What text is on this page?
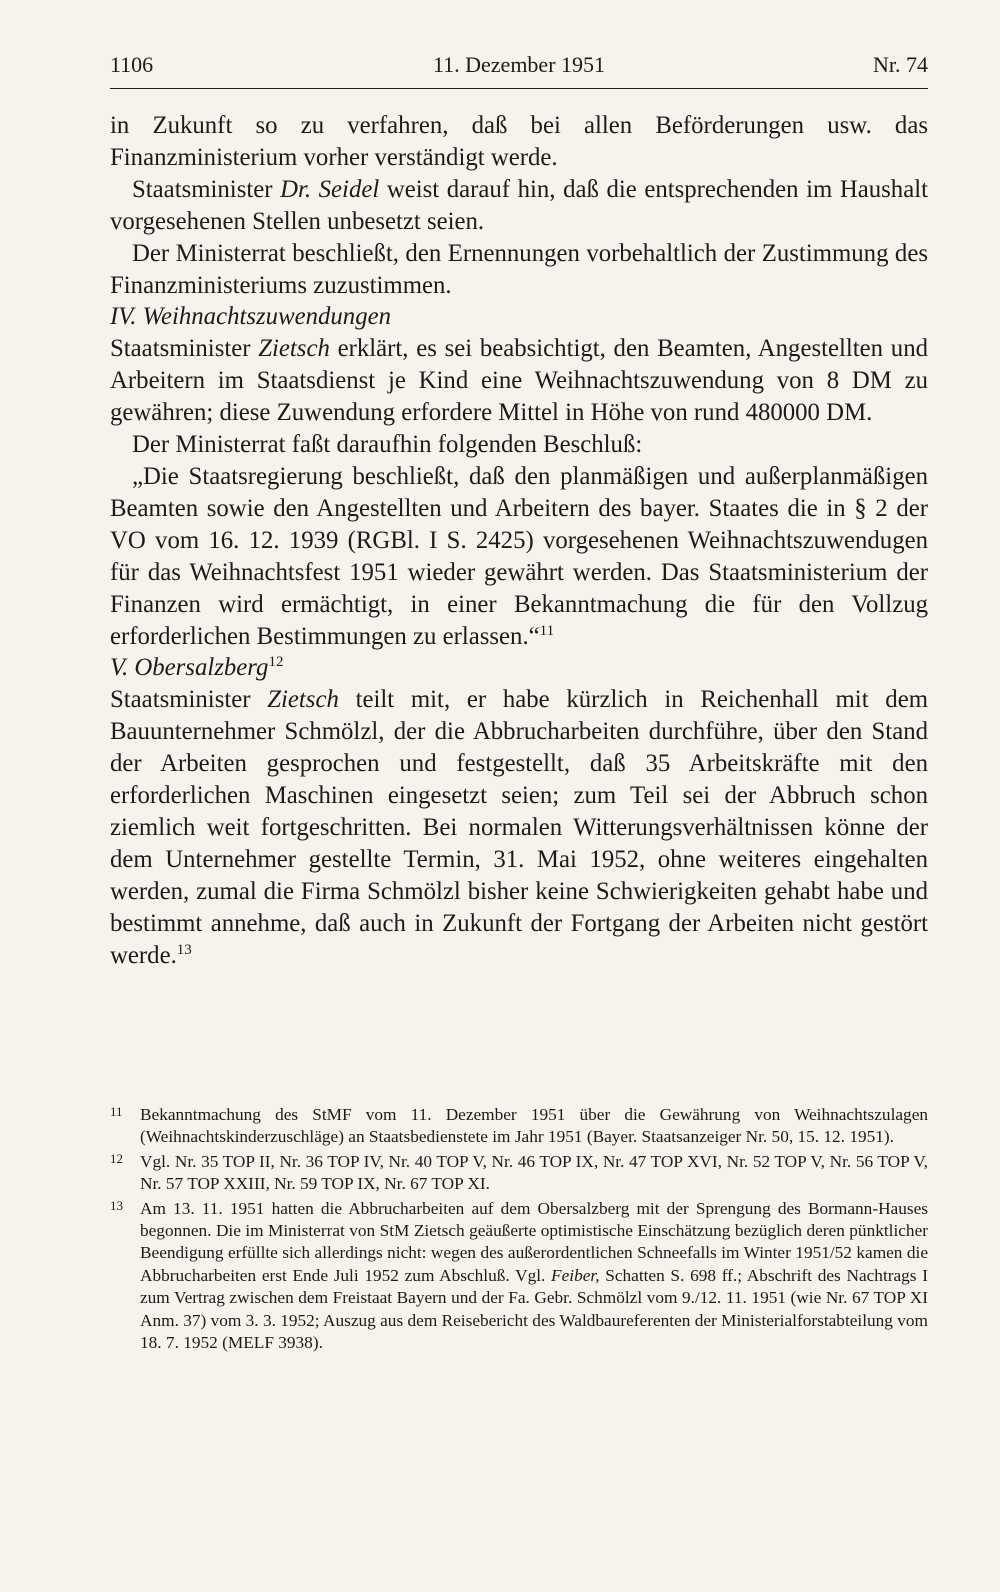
1106	11. Dezember 1951	Nr. 74

in Zukunft so zu verfahren, daß bei allen Beförderungen usw. das Finanzministerium vorher verständigt werde.

Staatsminister Dr. Seidel weist darauf hin, daß die entsprechenden im Haushalt vorgesehenen Stellen unbesetzt seien.

Der Ministerrat beschließt, den Ernennungen vorbehaltlich der Zustimmung des Finanzministeriums zuzustimmen.

IV. Weihnachtszuwendungen

Staatsminister Zietsch erklärt, es sei beabsichtigt, den Beamten, Angestellten und Arbeitern im Staatsdienst je Kind eine Weihnachtszuwendung von 8 DM zu gewähren; diese Zuwendung erfordere Mittel in Höhe von rund 480000 DM.

Der Ministerrat faßt daraufhin folgenden Beschluß:

„Die Staatsregierung beschließt, daß den planmäßigen und außerplanmäßigen Beamten sowie den Angestellten und Arbeitern des bayer. Staates die in § 2 der VO vom 16. 12. 1939 (RGBl. I S. 2425) vorgesehenen Weihnachtszuwendugen für das Weihnachtsfest 1951 wieder gewährt werden. Das Staatsministerium der Finanzen wird ermächtigt, in einer Bekanntmachung die für den Vollzug erforderlichen Bestimmungen zu erlassen.“$^{11}$

V. Obersalzberg$^{12}$

Staatsminister Zietsch teilt mit, er habe kürzlich in Reichenhall mit dem Bauunternehmer Schmölzl, der die Abbrucharbeiten durchführe, über den Stand der Arbeiten gesprochen und festgestellt, daß 35 Arbeitskräfte mit den erforderlichen Maschinen eingesetzt seien; zum Teil sei der Abbruch schon ziemlich weit fortgeschritten. Bei normalen Witterungsverhältnissen könne der dem Unternehmer gestellte Termin, 31. Mai 1952, ohne weiteres eingehalten werden, zumal die Firma Schmölzl bisher keine Schwierigkeiten gehabt habe und bestimmt annehme, daß auch in Zukunft der Fortgang der Arbeiten nicht gestört werde.$^{13}$

11 Bekanntmachung des StMF vom 11. Dezember 1951 über die Gewährung von Weihnachtszulagen (Weihnachtskinderzuschläge) an Staatsbedienstete im Jahr 1951 (Bayer. Staatsanzeiger Nr. 50, 15. 12. 1951).

12 Vgl. Nr. 35 TOP II, Nr. 36 TOP IV, Nr. 40 TOP V, Nr. 46 TOP IX, Nr. 47 TOP XVI, Nr. 52 TOP V, Nr. 56 TOP V, Nr. 57 TOP XXIII, Nr. 59 TOP IX, Nr. 67 TOP XI.

13 Am 13. 11. 1951 hatten die Abbrucharbeiten auf dem Obersalzberg mit der Sprengung des Bormann-Hauses begonnen. Die im Ministerrat von StM Zietsch geäußerte optimistische Einschätzung bezüglich deren pünktlicher Beendigung erfüllte sich allerdings nicht: wegen des außerordentlichen Schneefalls im Winter 1951/52 kamen die Abbrucharbeiten erst Ende Juli 1952 zum Abschluß. Vgl. Feiber, Schatten S. 698 ff.; Abschrift des Nachtrags I zum Vertrag zwischen dem Freistaat Bayern und der Fa. Gebr. Schmölzl vom 9./12. 11. 1951 (wie Nr. 67 TOP XI Anm. 37) vom 3. 3. 1952; Auszug aus dem Reisebericht des Waldbaureferenten der Ministerialforstabteilung vom 18. 7. 1952 (MELF 3938).
